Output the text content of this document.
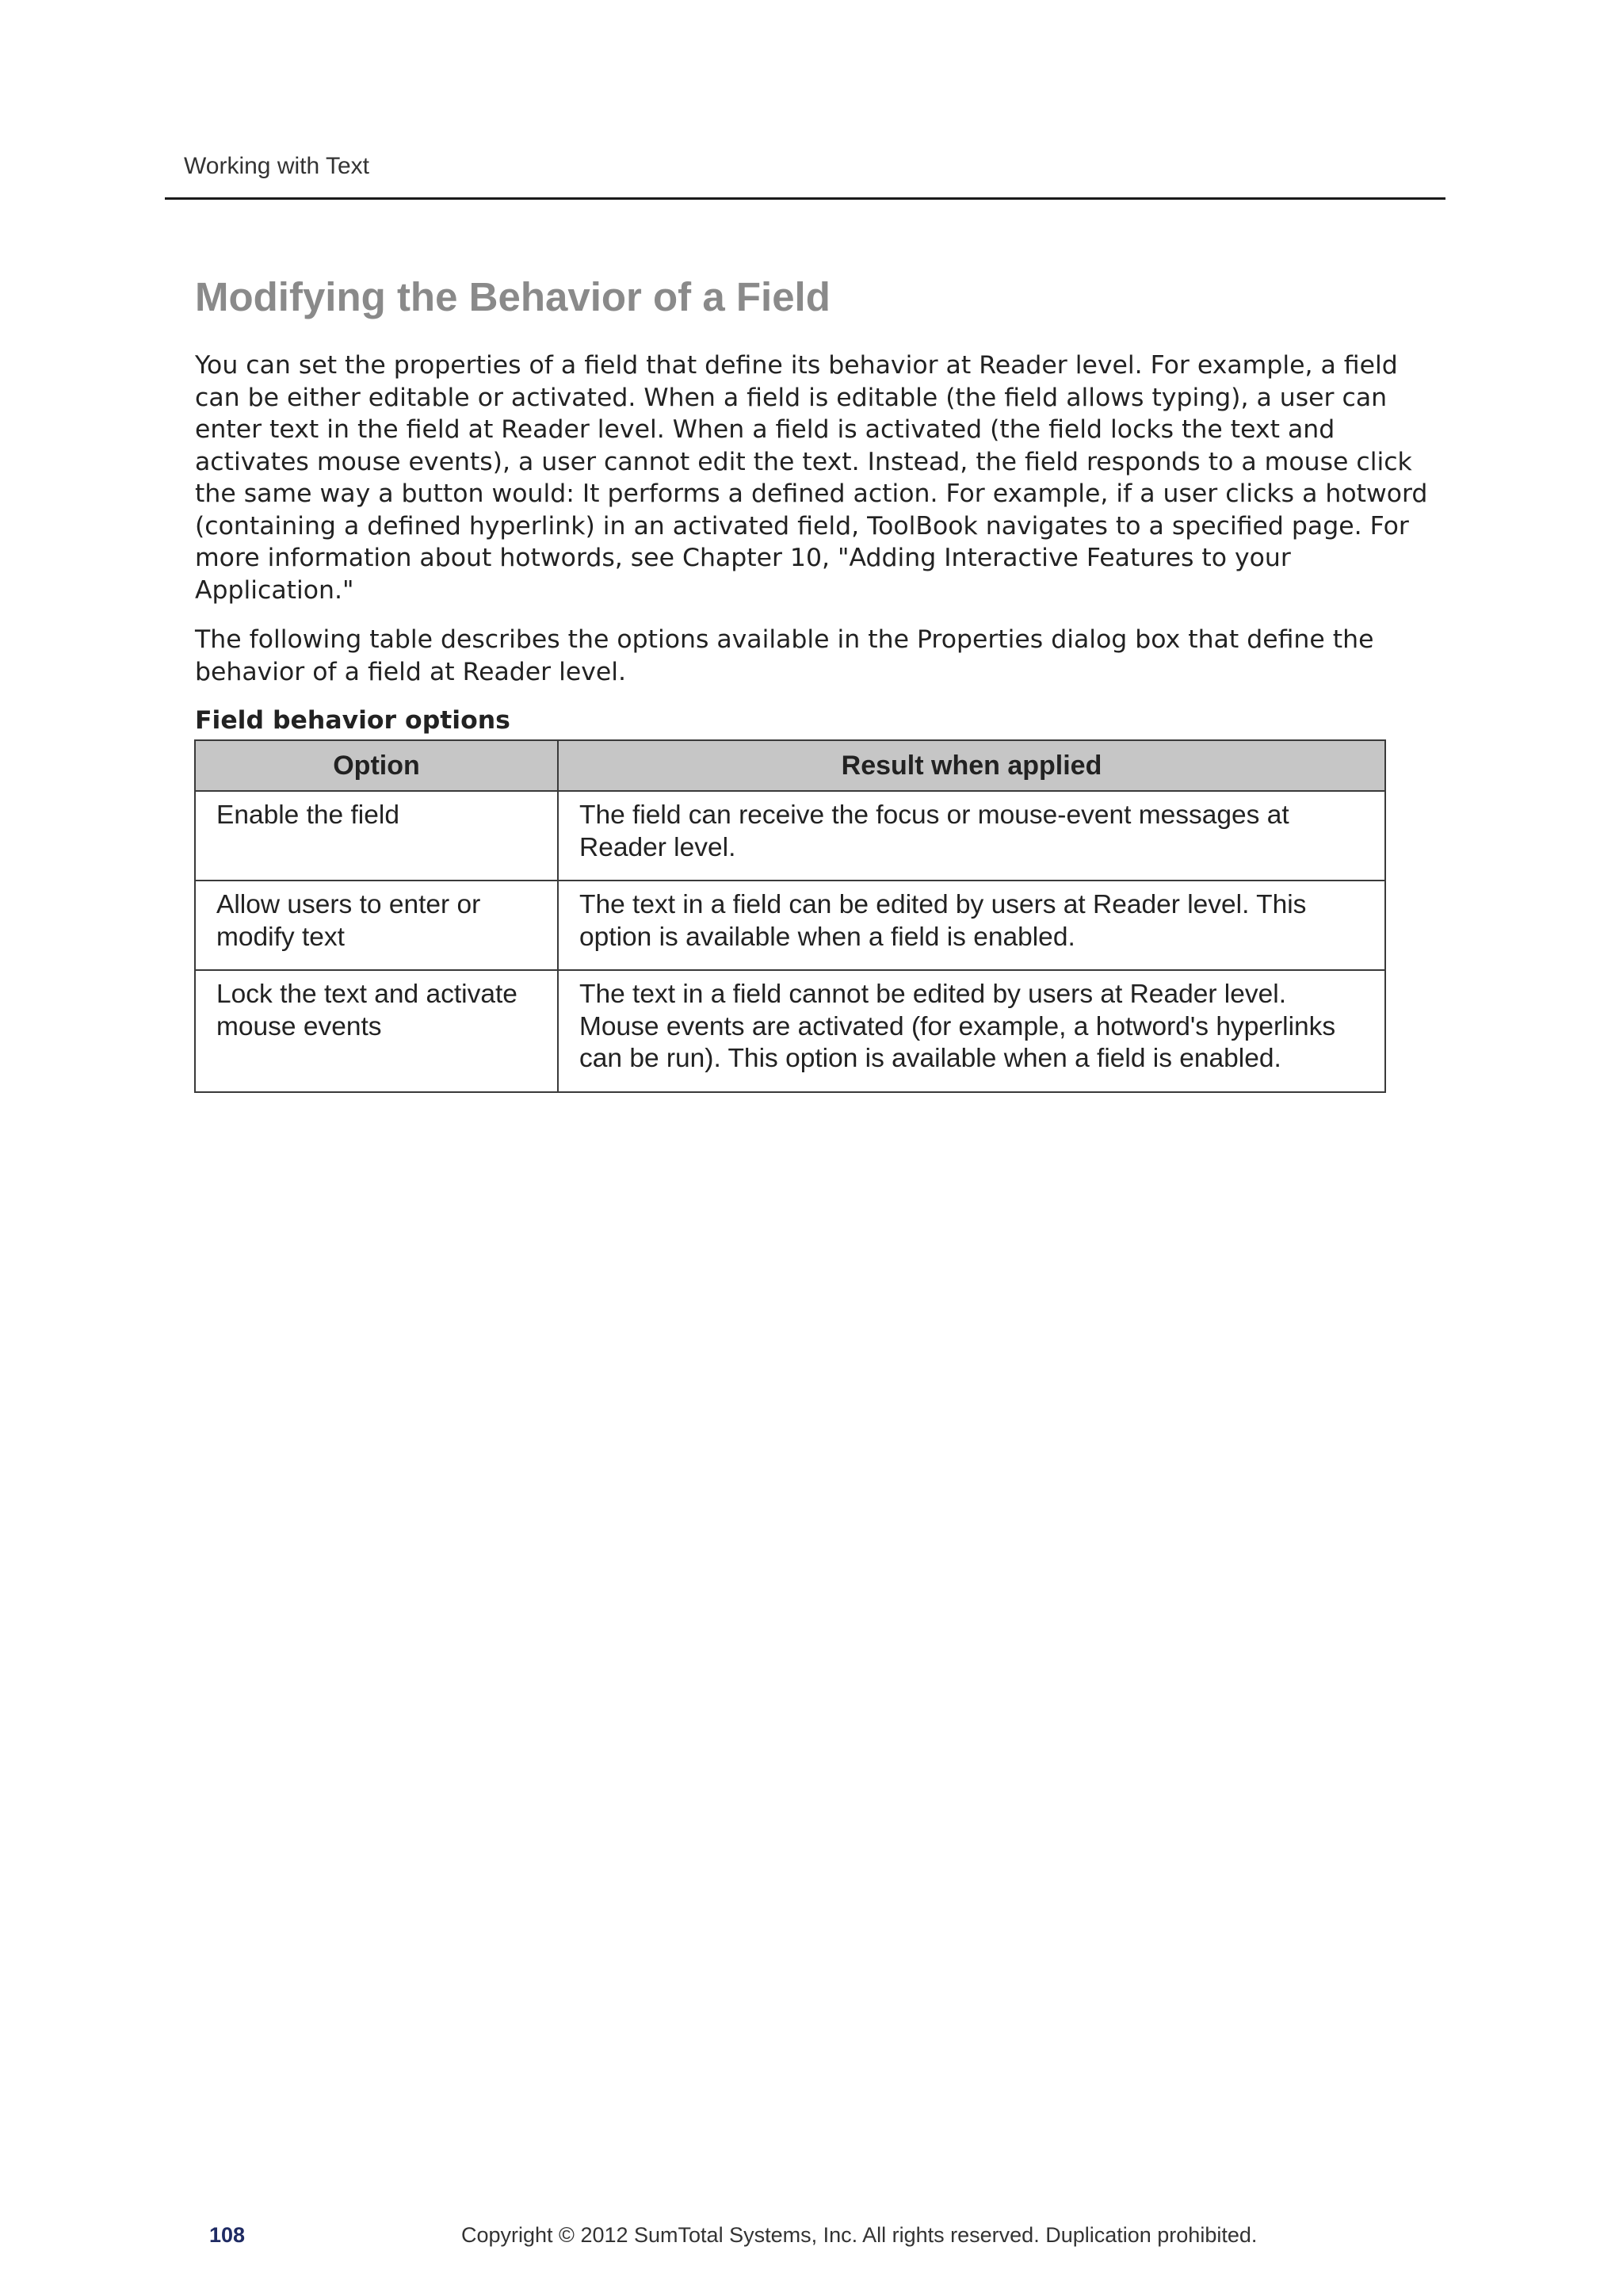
Working with Text
Modifying the Behavior of a Field

You can set the properties of a field that define its behavior at Reader level. For example, a field can be either editable or activated. When a field is editable (the field allows typing), a user can enter text in the field at Reader level. When a field is activated (the field locks the text and activates mouse events), a user cannot edit the text. Instead, the field responds to a mouse click the same way a button would: It performs a defined action. For example, if a user clicks a hotword (containing a defined hyperlink) in an activated field, ToolBook navigates to a specified page. For more information about hotwords, see Chapter 10, "Adding Interactive Features to your Application."

The following table describes the options available in the Properties dialog box that define the behavior of a field at Reader level.

Field behavior options

Option	Result when applied
Enable the field	The field can receive the focus or mouse-event messages at Reader level.
Allow users to enter or modify text	The text in a field can be edited by users at Reader level. This option is available when a field is enabled.
Lock the text and activate mouse events	The text in a field cannot be edited by users at Reader level. Mouse events are activated (for example, a hotword's hyperlinks can be run). This option is available when a field is enabled.
108	Copyright © 2012 SumTotal Systems, Inc. All rights reserved. Duplication prohibited.
